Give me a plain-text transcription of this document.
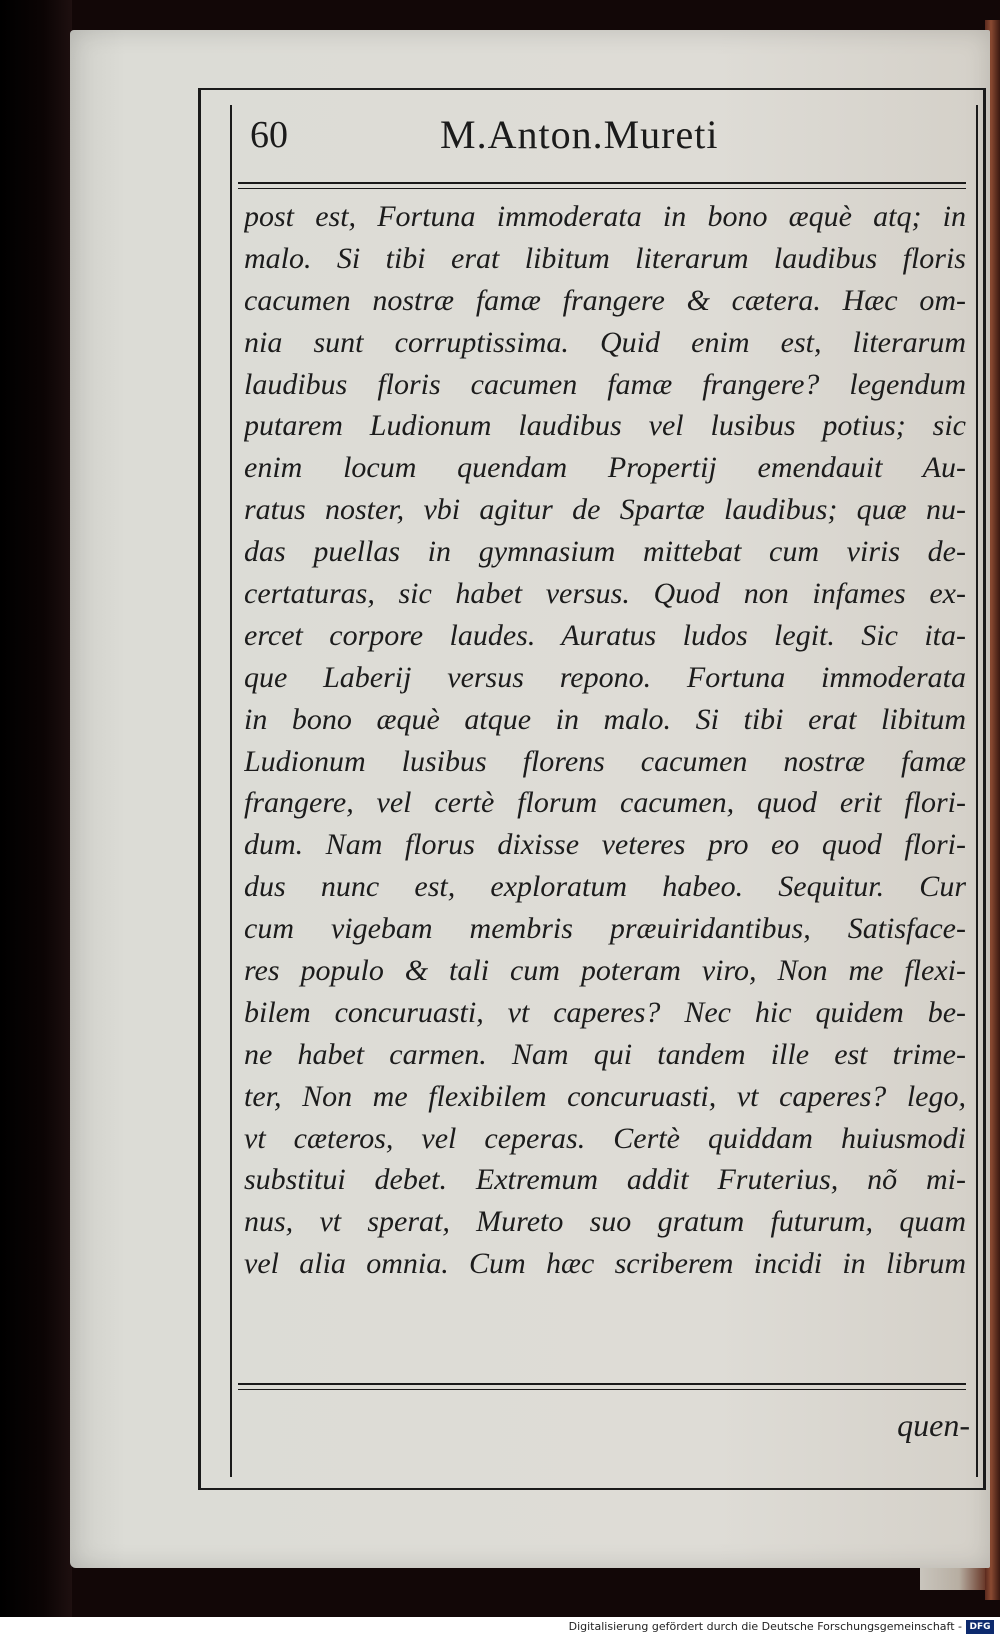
60	M.Anton.Mureti
post est, Fortuna immoderata in bono æquè atq; in
malo. Si tibi erat libitum literarum laudibus floris
cacumen nostræ famæ frangere & cætera. Hæc om-
nia sunt corruptissima. Quid enim est, literarum
laudibus floris cacumen famæ frangere? legendum
putarem Ludionum laudibus vel lusibus potius; sic
enim locum quendam Propertij emendauit Au-
ratus noster, vbi agitur de Spartæ laudibus; quæ nu-
das puellas in gymnasium mittebat cum viris de-
certaturas, sic habet versus. Quod non infames ex-
ercet corpore laudes. Auratus ludos legit. Sic ita-
que Laberij versus repono. Fortuna immoderata
in bono æquè atque in malo. Si tibi erat libitum
Ludionum lusibus florens cacumen nostræ famæ
frangere, vel certè florum cacumen, quod erit flori-
dum. Nam florus dixisse veteres pro eo quod flori-
dus nunc est, exploratum habeo. Sequitur. Cur
cum vigebam membris præuiridantibus, Satisface-
res populo & tali cum poteram viro, Non me flexi-
bilem concuruasti, vt caperes? Nec hic quidem be-
ne habet carmen. Nam qui tandem ille est trime-
ter, Non me flexibilem concuruasti, vt caperes? lego,
vt cæteros, vel ceperas. Certè quiddam huiusmodi
substitui debet. Extremum addit Fruterius, nõ mi-
nus, vt sperat, Mureto suo gratum futurum, quam
vel alia omnia. Cum hæc scriberem incidi in librum
quen-
Digitalisierung gefördert durch die Deutsche Forschungsgemeinschaft - DFG
